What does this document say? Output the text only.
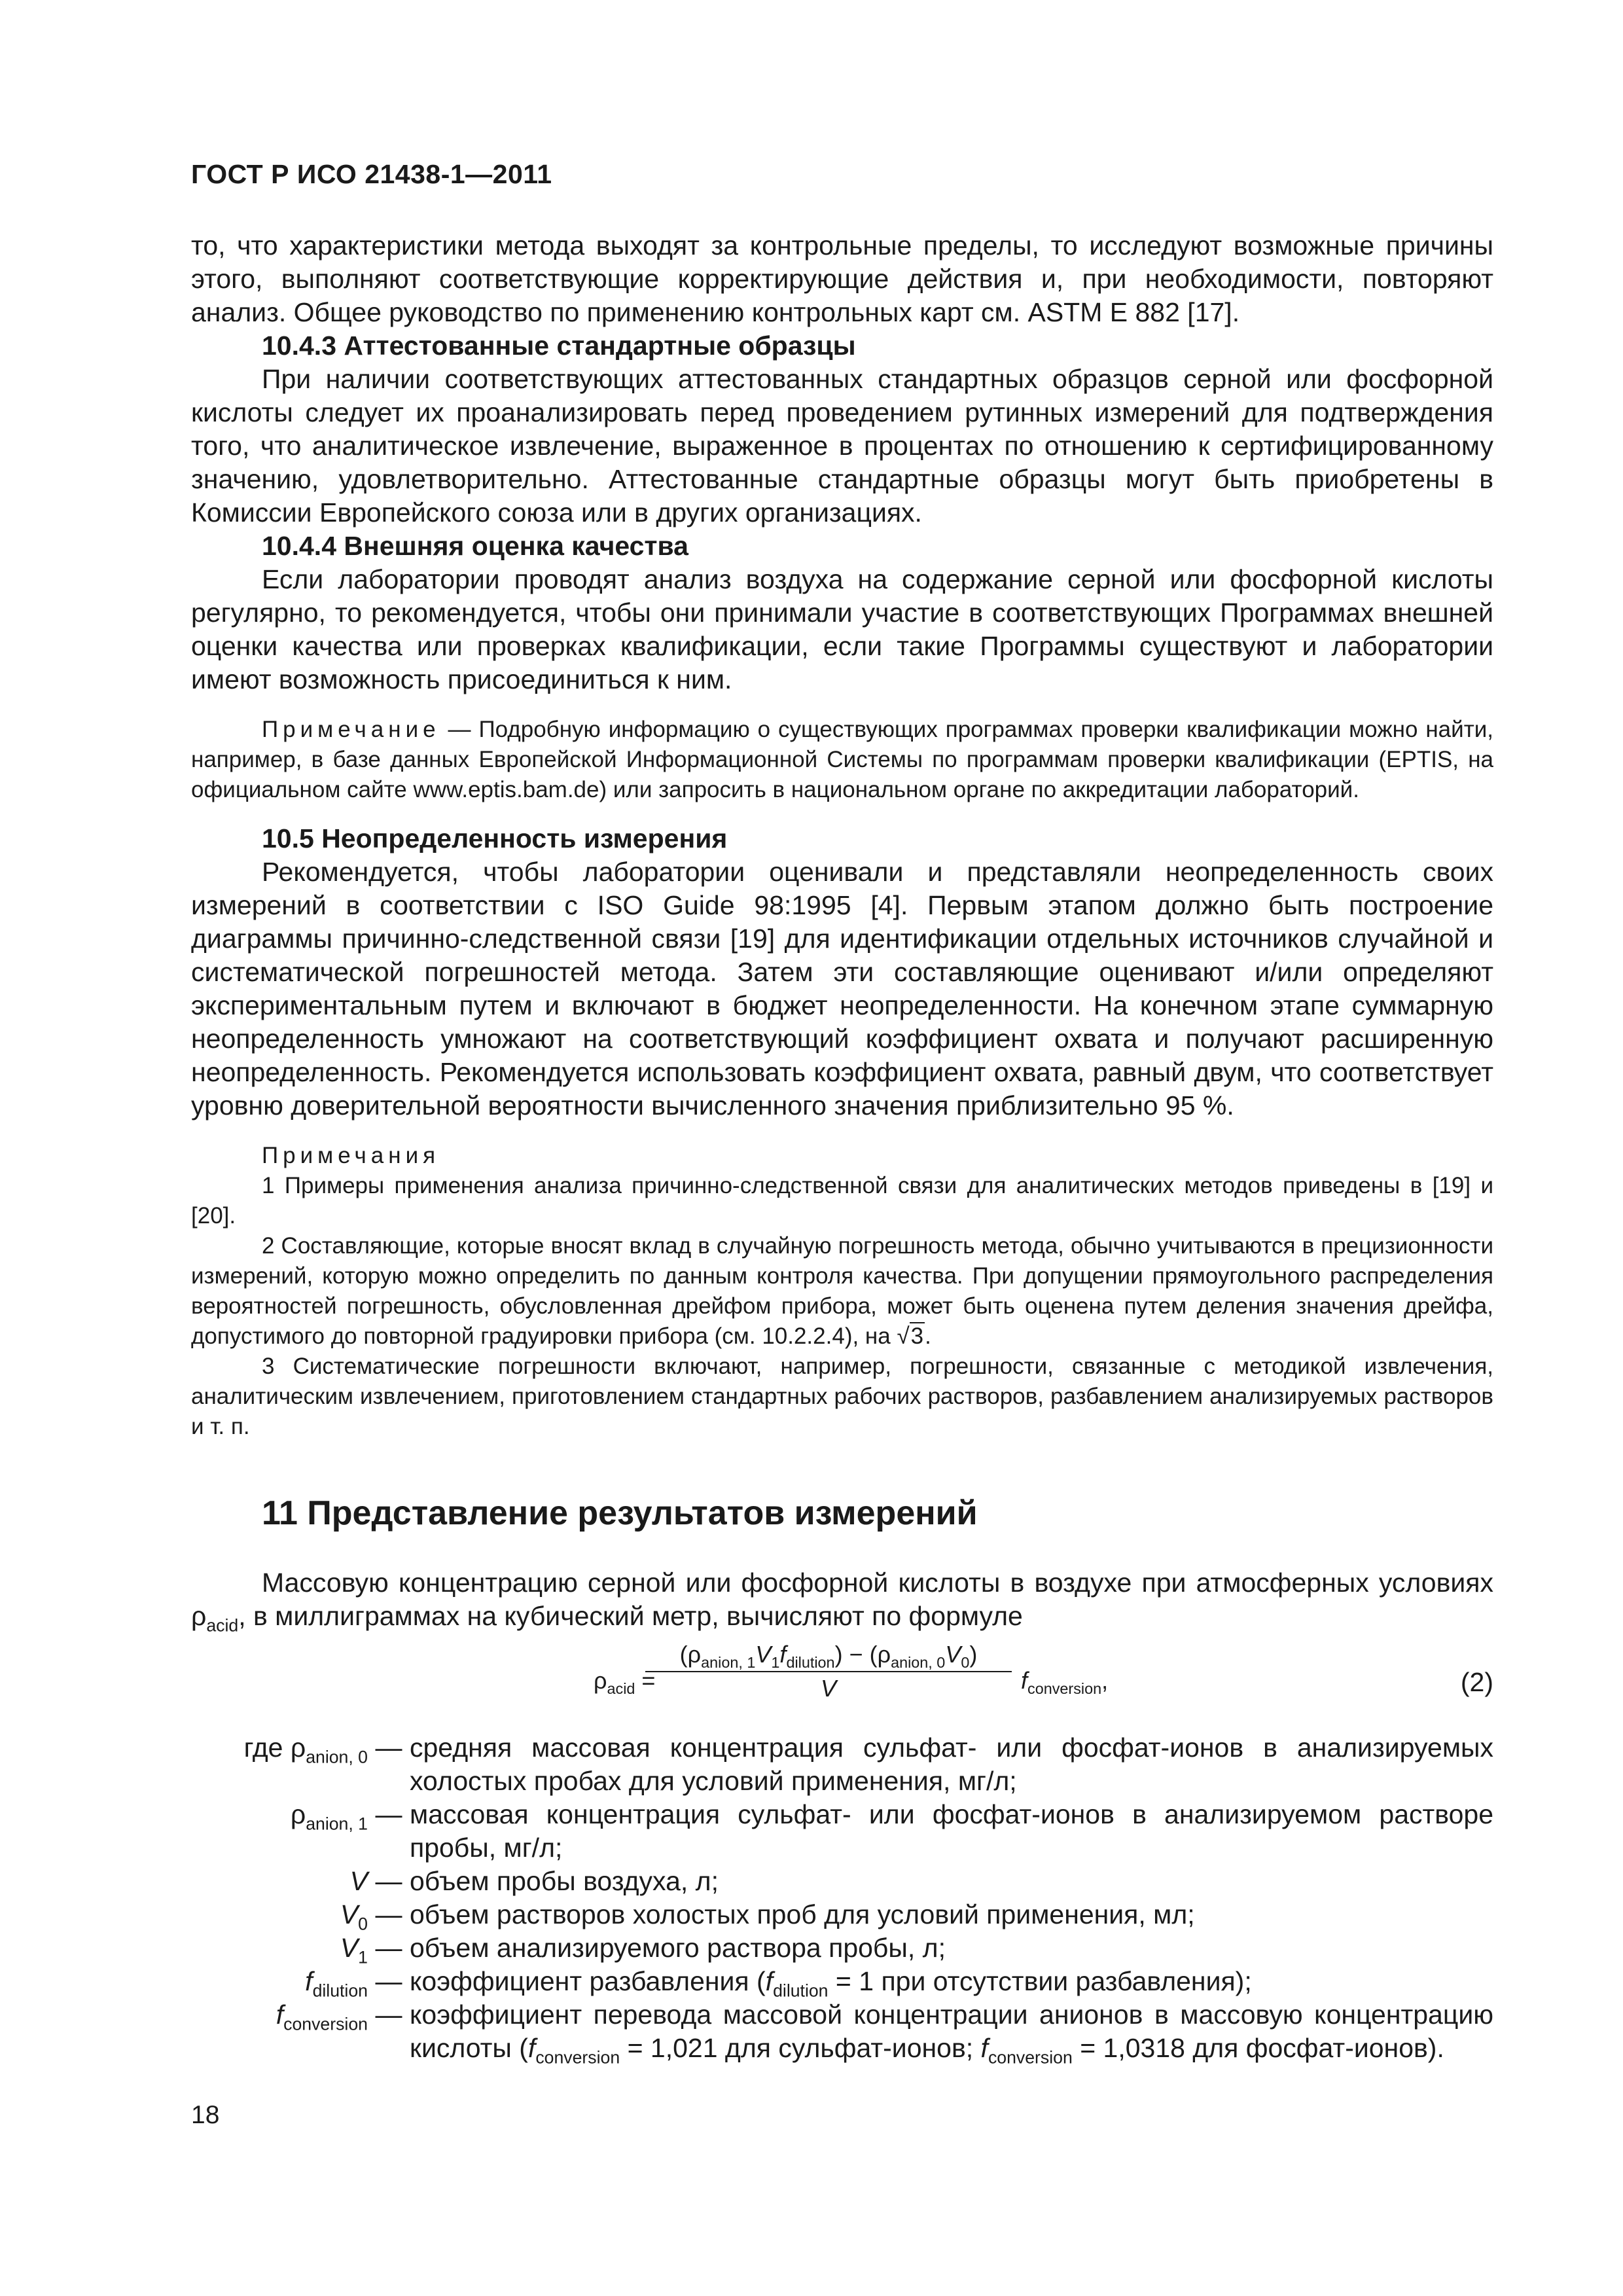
ГОСТ Р ИСО 21438-1—2011

то, что характеристики метода выходят за контрольные пределы, то исследуют возможные причины этого, выполняют соответствующие корректирующие действия и, при необходимости, повторяют анализ. Общее руководство по применению контрольных карт см. ASTM E 882 [17].

10.4.3 Аттестованные стандартные образцы

При наличии соответствующих аттестованных стандартных образцов серной или фосфорной кислоты следует их проанализировать перед проведением рутинных измерений для подтверждения того, что аналитическое извлечение, выраженное в процентах по отношению к сертифицированному значению, удовлетворительно. Аттестованные стандартные образцы могут быть приобретены в Комиссии Европейского союза или в других организациях.

10.4.4 Внешняя оценка качества

Если лаборатории проводят анализ воздуха на содержание серной или фосфорной кислоты регулярно, то рекомендуется, чтобы они принимали участие в соответствующих Программах внешней оценки качества или проверках квалификации, если такие Программы существуют и лаборатории имеют возможность присоединиться к ним.

Примечание — Подробную информацию о существующих программах проверки квалификации можно найти, например, в базе данных Европейской Информационной Системы по программам проверки квалификации (EPTIS, на официальном сайте www.eptis.bam.de) или запросить в национальном органе по аккредитации лабораторий.

10.5 Неопределенность измерения

Рекомендуется, чтобы лаборатории оценивали и представляли неопределенность своих измерений в соответствии с ISO Guide 98:1995 [4]. Первым этапом должно быть построение диаграммы причинно-следственной связи [19] для идентификации отдельных источников случайной и систематической погрешностей метода. Затем эти составляющие оценивают и/или определяют экспериментальным путем и включают в бюджет неопределенности. На конечном этапе суммарную неопределенность умножают на соответствующий коэффициент охвата и получают расширенную неопределенность. Рекомендуется использовать коэффициент охвата, равный двум, что соответствует уровню доверительной вероятности вычисленного значения приблизительно 95 %.

Примечания

1 Примеры применения анализа причинно-следственной связи для аналитических методов приведены в [19] и [20].

2 Составляющие, которые вносят вклад в случайную погрешность метода, обычно учитываются в прецизионности измерений, которую можно определить по данным контроля качества. При допущении прямоугольного распределения вероятностей погрешность, обусловленная дрейфом прибора, может быть оценена путем деления значения дрейфа, допустимого до повторной градуировки прибора (см. 10.2.2.4), на √3.

3 Систематические погрешности включают, например, погрешности, связанные с методикой извлечения, аналитическим извлечением, приготовлением стандартных рабочих растворов, разбавлением анализируемых растворов и т. п.

11 Представление результатов измерений

Массовую концентрацию серной или фосфорной кислоты в воздухе при атмосферных условиях $\rho_{acid}$, в миллиграммах на кубический метр, вычисляют по формуле

$\rho_{acid}$ =
$(\rho_{anion, 1}V_1f_{dilution}) - (\rho_{anion, 0}V_0)$
V	$f_{conversion}$,	(2)
где $\rho_{anion, 0}$ — средняя массовая концентрация сульфат- или фосфат-ионов в анализируемых холостых пробах для условий применения, мг/л;
$\rho_{anion, 1}$ — массовая концентрация сульфат- или фосфат-ионов в анализируемом растворе пробы, мг/л;
V — объем пробы воздуха, л;
$V_0$ — объем растворов холостых проб для условий применения, мл;
$V_1$ — объем анализируемого раствора пробы, л;
$f_{dilution}$ — коэффициент разбавления ($f_{dilution} = 1$ при отсутствии разбавления);
$f_{conversion}$ — коэффициент перевода массовой концентрации анионов в массовую концентрацию кислоты ($f_{conversion} = 1,021$ для сульфат-ионов; $f_{conversion} = 1,0318$ для фосфат-ионов).
18
